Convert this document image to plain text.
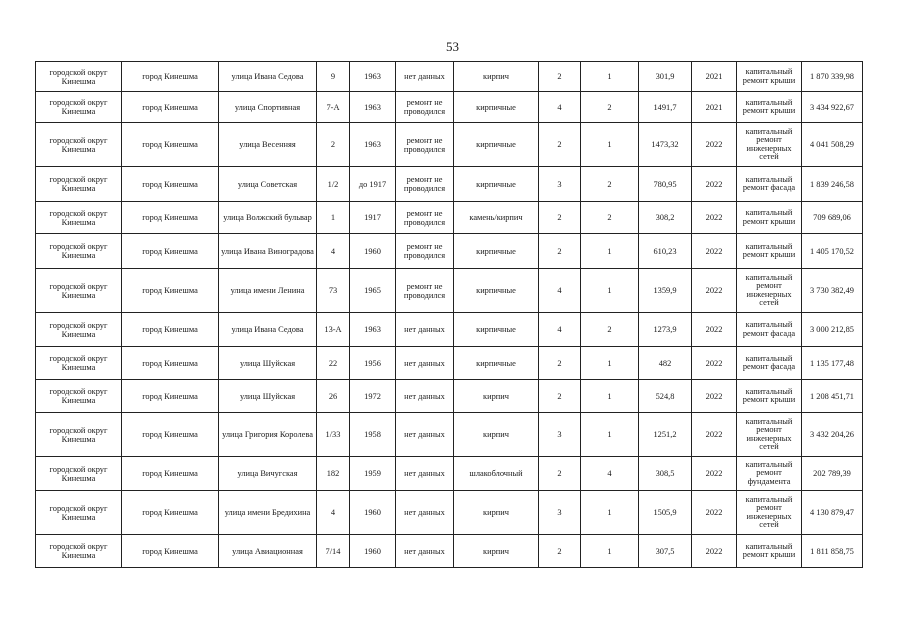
53
городской округ Кинешма	город Кинешма	улица Ивана Седова	9	1963	нет данных	кирпич	2	1	301,9	2021	капитальный ремонт крыши	1 870 339,98
городской округ Кинешма	город Кинешма	улица Спортивная	7-А	1963	ремонт не проводился	кирпичные	4	2	1491,7	2021	капитальный ремонт крыши	3 434 922,67
городской округ Кинешма	город Кинешма	улица Весенняя	2	1963	ремонт не проводился	кирпичные	2	1	1473,32	2022	капитальный ремонт инженерных сетей	4 041 508,29
городской округ Кинешма	город Кинешма	улица Советская	1/2	до 1917	ремонт не проводился	кирпичные	3	2	780,95	2022	капитальный ремонт фасада	1 839 246,58
городской округ Кинешма	город Кинешма	улица Волжский бульвар	1	1917	ремонт не проводился	камень/кирпич	2	2	308,2	2022	капитальный ремонт крыши	709 689,06
городской округ Кинешма	город Кинешма	улица Ивана Виноградова	4	1960	ремонт не проводился	кирпичные	2	1	610,23	2022	капитальный ремонт крыши	1 405 170,52
городской округ Кинешма	город Кинешма	улица имени Ленина	73	1965	ремонт не проводился	кирпичные	4	1	1359,9	2022	капитальный ремонт инженерных сетей	3 730 382,49
городской округ Кинешма	город Кинешма	улица Ивана Седова	13-А	1963	нет данных	кирпичные	4	2	1273,9	2022	капитальный ремонт фасада	3 000 212,85
городской округ Кинешма	город Кинешма	улица Шуйская	22	1956	нет данных	кирпичные	2	1	482	2022	капитальный ремонт фасада	1 135 177,48
городской округ Кинешма	город Кинешма	улица Шуйская	26	1972	нет данных	кирпич	2	1	524,8	2022	капитальный ремонт крыши	1 208 451,71
городской округ Кинешма	город Кинешма	улица Григория Королева	1/33	1958	нет данных	кирпич	3	1	1251,2	2022	капитальный ремонт инженерных сетей	3 432 204,26
городской округ Кинешма	город Кинешма	улица Вичугская	182	1959	нет данных	шлакоблочный	2	4	308,5	2022	капитальный ремонт фундамента	202 789,39
городской округ Кинешма	город Кинешма	улица имени Бредихина	4	1960	нет данных	кирпич	3	1	1505,9	2022	капитальный ремонт инженерных сетей	4 130 879,47
городской округ Кинешма	город Кинешма	улица Авиационная	7/14	1960	нет данных	кирпич	2	1	307,5	2022	капитальный ремонт крыши	1 811 858,75
